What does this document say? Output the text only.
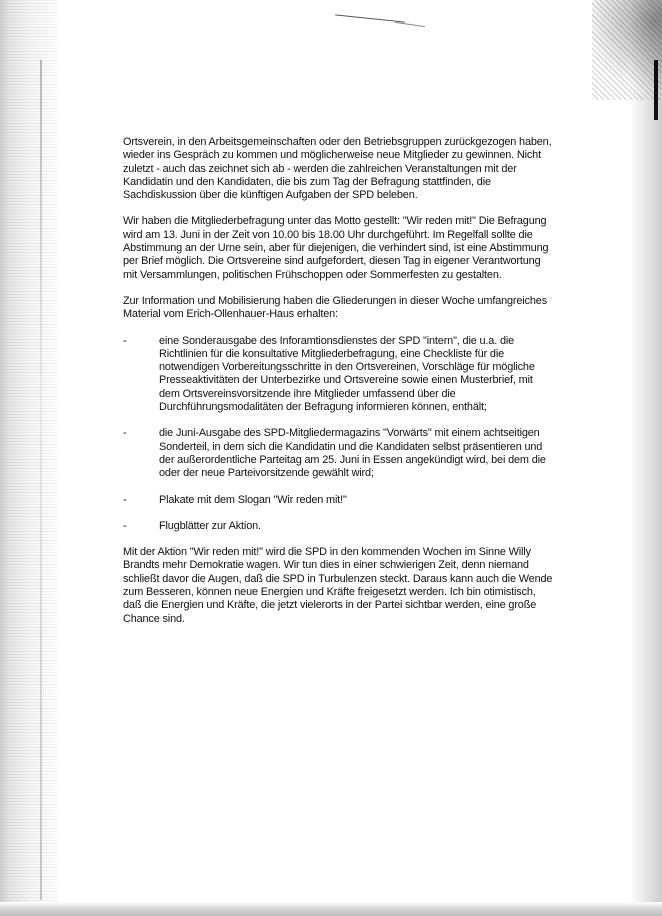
Ortsverein, in den Arbeitsgemeinschaften oder den Betriebsgruppen zurückgezogen haben, wieder ins Gespräch zu kommen und möglicherweise neue Mitglieder zu gewinnen. Nicht zuletzt - auch das zeichnet sich ab - werden die zahlreichen Veranstaltungen mit der Kandidatin und den Kandidaten, die bis zum Tag der Befragung stattfinden, die Sachdiskussion über die künftigen Aufgaben der SPD beleben.

Wir haben die Mitgliederbefragung unter das Motto gestellt: "Wir reden mit!" Die Befragung wird am 13. Juni in der Zeit von 10.00 bis 18.00 Uhr durchgeführt. Im Regelfall sollte die Abstimmung an der Urne sein, aber für diejenigen, die verhindert sind, ist eine Abstimmung per Brief möglich. Die Ortsvereine sind aufgefordert, diesen Tag in eigener Verantwortung mit Versammlungen, politischen Frühschoppen oder Sommerfesten zu gestalten.

Zur Information und Mobilisierung haben die Gliederungen in dieser Woche umfangreiches Material vom Erich-Ollenhauer-Haus erhalten:

-	eine Sonderausgabe des Inforamtionsdienstes der SPD "intern", die u.a. die Richtlinien für die konsultative Mitgliederbefragung, eine Checkliste für die notwendigen Vorbereitungsschritte in den Ortsvereinen, Vorschläge für mögliche Presseaktivitäten der Unterbezirke und Ortsvereine sowie einen Musterbrief, mit dem Ortsvereinsvorsitzende ihre Mitglieder umfassend über die Durchführungsmodalitäten der Befragung informieren können, enthält;
-	die Juni-Ausgabe des SPD-Mitgliedermagazins "Vorwärts" mit einem achtseitigen Sonderteil, in dem sich die Kandidatin und die Kandidaten selbst präsentieren und der außerordentliche Parteitag am 25. Juni in Essen angekündigt wird, bei dem die oder der neue Parteivorsitzende gewählt wird;
-	Plakate mit dem Slogan "Wir reden mit!"
-	Flugblätter zur Aktion.

Mit der Aktion "Wir reden mit!" wird die SPD in den kommenden Wochen im Sinne Willy Brandts mehr Demokratie wagen. Wir tun dies in einer schwierigen Zeit, denn niemand schließt davor die Augen, daß die SPD in Turbulenzen steckt. Daraus kann auch die Wende zum Besseren, können neue Energien und Kräfte freigesetzt werden. Ich bin otimistisch, daß die Energien und Kräfte, die jetzt vielerorts in der Partei sichtbar werden, eine große Chance sind.
